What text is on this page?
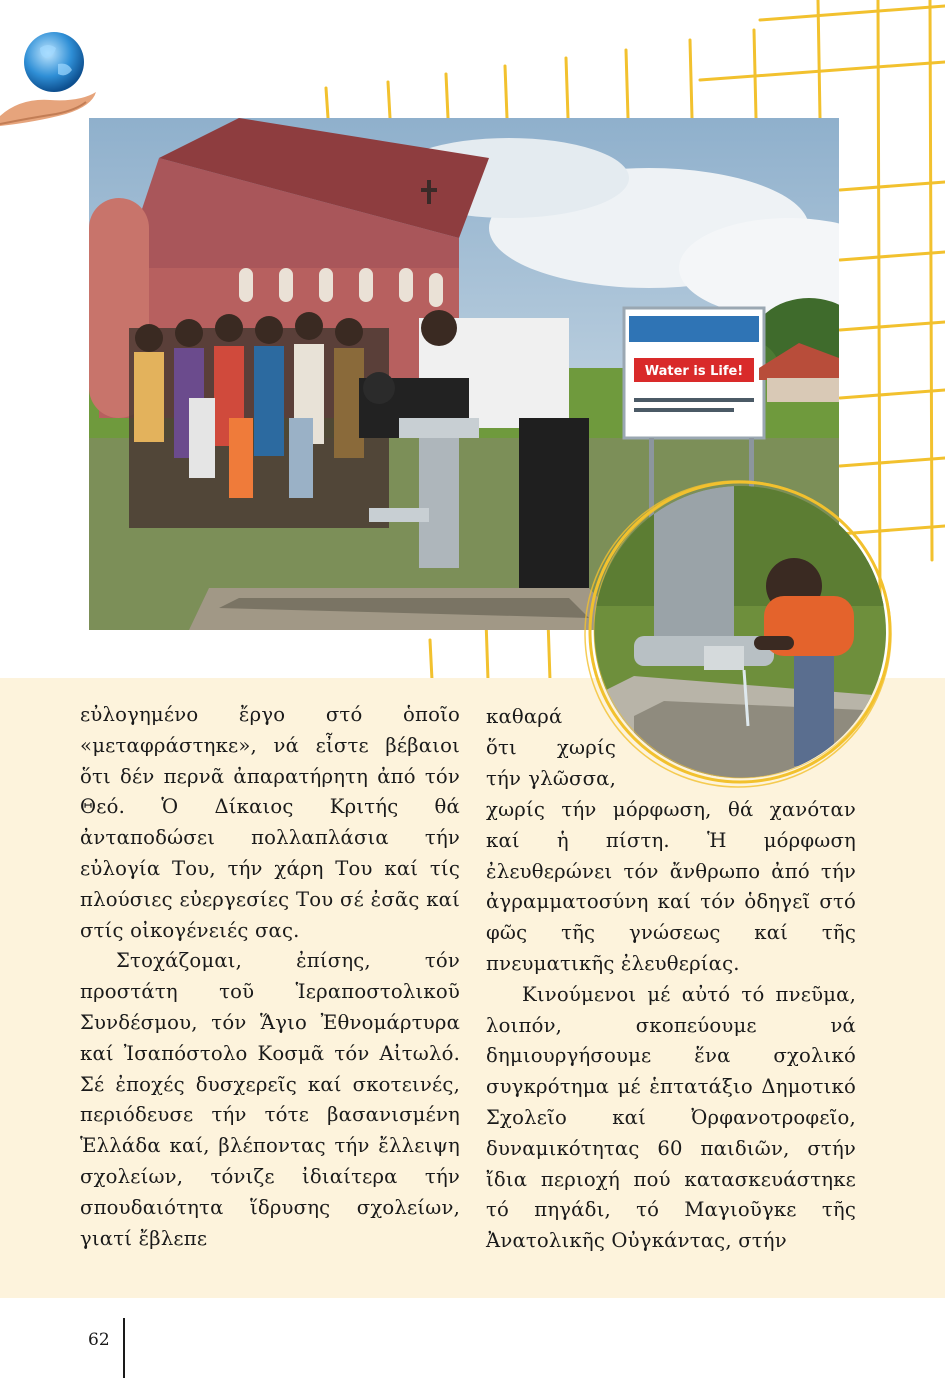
Water is Life!

εὐλογημένο ἔργο στό ὁποῖο «μεταφράστηκε», νά εἶστε βέβαιοι ὅτι δέν περνᾶ ἀπαρατήρητη ἀπό τόν Θεό. Ὁ Δίκαιος Κριτής θά ἀνταποδώσει πολλαπλάσια τήν εὐλογία Του, τήν χάρη Του καί τίς πλούσιες εὐεργεσίες Του σέ ἐσᾶς καί στίς οἰκογένειές σας.

Στοχάζομαι, ἐπίσης, τόν προστάτη τοῦ Ἱεραποστολικοῦ Συνδέσμου, τόν Ἅγιο Ἐθνομάρτυρα καί Ἰσαπόστολο Κοσμᾶ τόν Αἰτωλό. Σέ ἐποχές δυσχερεῖς καί σκοτεινές, περιόδευσε τήν τότε βασανισμένη Ἑλλάδα καί, βλέποντας τήν ἔλλειψη σχολείων, τόνιζε ἰδιαίτερα τήν σπουδαιότητα ἵδρυσης σχολείων, γιατί ἔβλεπε

καθαρά
ὅτι χωρίς
τήν γλῶσσα,

χωρίς τήν μόρφωση, θά χανόταν καί ἡ πίστη. Ἡ μόρφωση ἐλευθερώνει τόν ἄνθρωπο ἀπό τήν ἀγραμματοσύνη καί τόν ὁδηγεῖ στό φῶς τῆς γνώσεως καί τῆς πνευματικῆς ἐλευθερίας.

Κινούμενοι μέ αὐτό τό πνεῦμα, λοιπόν, σκοπεύουμε νά δημιουργήσουμε ἕνα σχολικό συγκρότημα μέ ἑπτατάξιο Δημοτικό Σχολεῖο καί Ὀρφανοτροφεῖο, δυναμικότητας 60 παιδιῶν, στήν ἴδια περιοχή πού κατασκευάστηκε τό πηγάδι, τό Μαγιοῦγκε τῆς Ἀνατολικῆς Οὐγκάντας, στήν

62
